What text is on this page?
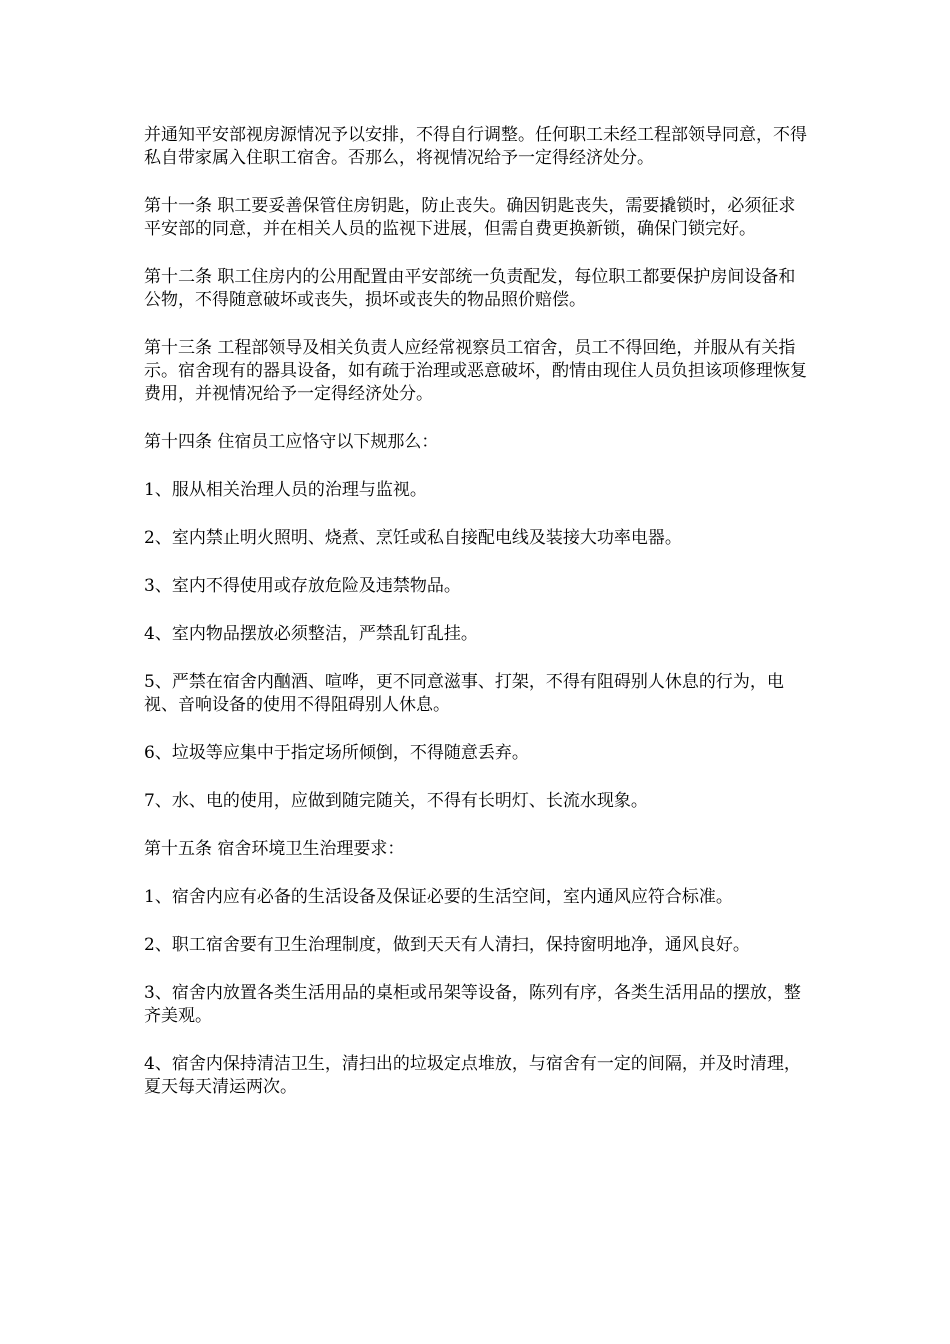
并通知平安部视房源情况予以安排，不得自行调整。任何职工未经工程部领导同意，不得私自带家属入住职工宿舍。否那么，将视情况给予一定得经济处分。

第十一条 职工要妥善保管住房钥匙，防止丧失。确因钥匙丧失，需要撬锁时，必须征求平安部的同意，并在相关人员的监视下进展，但需自费更换新锁，确保门锁完好。

第十二条 职工住房内的公用配置由平安部统一负责配发，每位职工都要保护房间设备和公物，不得随意破坏或丧失，损坏或丧失的物品照价赔偿。

第十三条 工程部领导及相关负责人应经常视察员工宿舍，员工不得回绝，并服从有关指示。宿舍现有的器具设备，如有疏于治理或恶意破坏，酌情由现住人员负担该项修理恢复费用，并视情况给予一定得经济处分。

第十四条 住宿员工应恪守以下规那么：

1、服从相关治理人员的治理与监视。

2、室内禁止明火照明、烧煮、烹饪或私自接配电线及装接大功率电器。

3、室内不得使用或存放危险及违禁物品。

4、室内物品摆放必须整洁，严禁乱钉乱挂。

5、严禁在宿舍内酗酒、喧哗，更不同意滋事、打架，不得有阻碍别人休息的行为，电视、音响设备的使用不得阻碍别人休息。

6、垃圾等应集中于指定场所倾倒，不得随意丢弃。

7、水、电的使用，应做到随完随关，不得有长明灯、长流水现象。

第十五条 宿舍环境卫生治理要求：

1、宿舍内应有必备的生活设备及保证必要的生活空间，室内通风应符合标准。

2、职工宿舍要有卫生治理制度，做到天天有人清扫，保持窗明地净，通风良好。

3、宿舍内放置各类生活用品的桌柜或吊架等设备，陈列有序，各类生活用品的摆放，整齐美观。

4、宿舍内保持清洁卫生，清扫出的垃圾定点堆放，与宿舍有一定的间隔，并及时清理，夏天每天清运两次。
